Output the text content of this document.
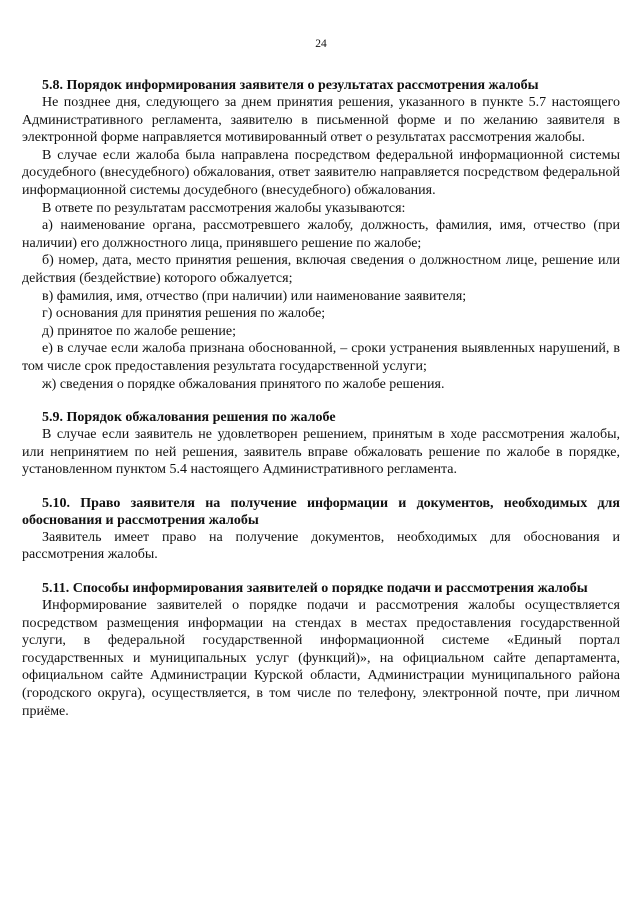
24

5.8. Порядок информирования заявителя о результатах рассмотрения жалобы

Не позднее дня, следующего за днем принятия решения, указанного в пункте 5.7 настоящего Административного регламента, заявителю в письменной форме и по желанию заявителя в электронной форме направляется мотивированный ответ о результатах рассмотрения жалобы.

В случае если жалоба была направлена посредством федеральной информационной системы досудебного (внесудебного) обжалования, ответ заявителю направляется посредством федеральной информационной системы досудебного (внесудебного) обжалования.

В ответе по результатам рассмотрения жалобы указываются:

а) наименование органа, рассмотревшего жалобу, должность, фамилия, имя, отчество (при наличии) его должностного лица, принявшего решение по жалобе;

б) номер, дата, место принятия решения, включая сведения о должностном лице, решение или действия (бездействие) которого обжалуется;

в) фамилия, имя, отчество (при наличии) или наименование заявителя;

г) основания для принятия решения по жалобе;

д) принятое по жалобе решение;

е) в случае если жалоба признана обоснованной, – сроки устранения выявленных нарушений, в том числе срок предоставления результата государственной услуги;

ж) сведения о порядке обжалования принятого по жалобе решения.

5.9. Порядок обжалования решения по жалобе

В случае если заявитель не удовлетворен решением, принятым в ходе рассмотрения жалобы, или непринятием по ней решения, заявитель вправе обжаловать решение по жалобе в порядке, установленном пунктом 5.4 настоящего Административного регламента.

5.10. Право заявителя на получение информации и документов, необходимых для обоснования и рассмотрения жалобы

Заявитель имеет право на получение документов, необходимых для обоснования и рассмотрения жалобы.

5.11. Способы информирования заявителей о порядке подачи и рассмотрения жалобы

Информирование заявителей о порядке подачи и рассмотрения жалобы осуществляется посредством размещения информации на стендах в местах предоставления государственной услуги, в федеральной государственной информационной системе «Единый портал государственных и муниципальных услуг (функций)», на официальном сайте департамента, официальном сайте Администрации Курской области, Администрации муниципального района (городского округа), осуществляется, в том числе по телефону, электронной почте, при личном приёме.
